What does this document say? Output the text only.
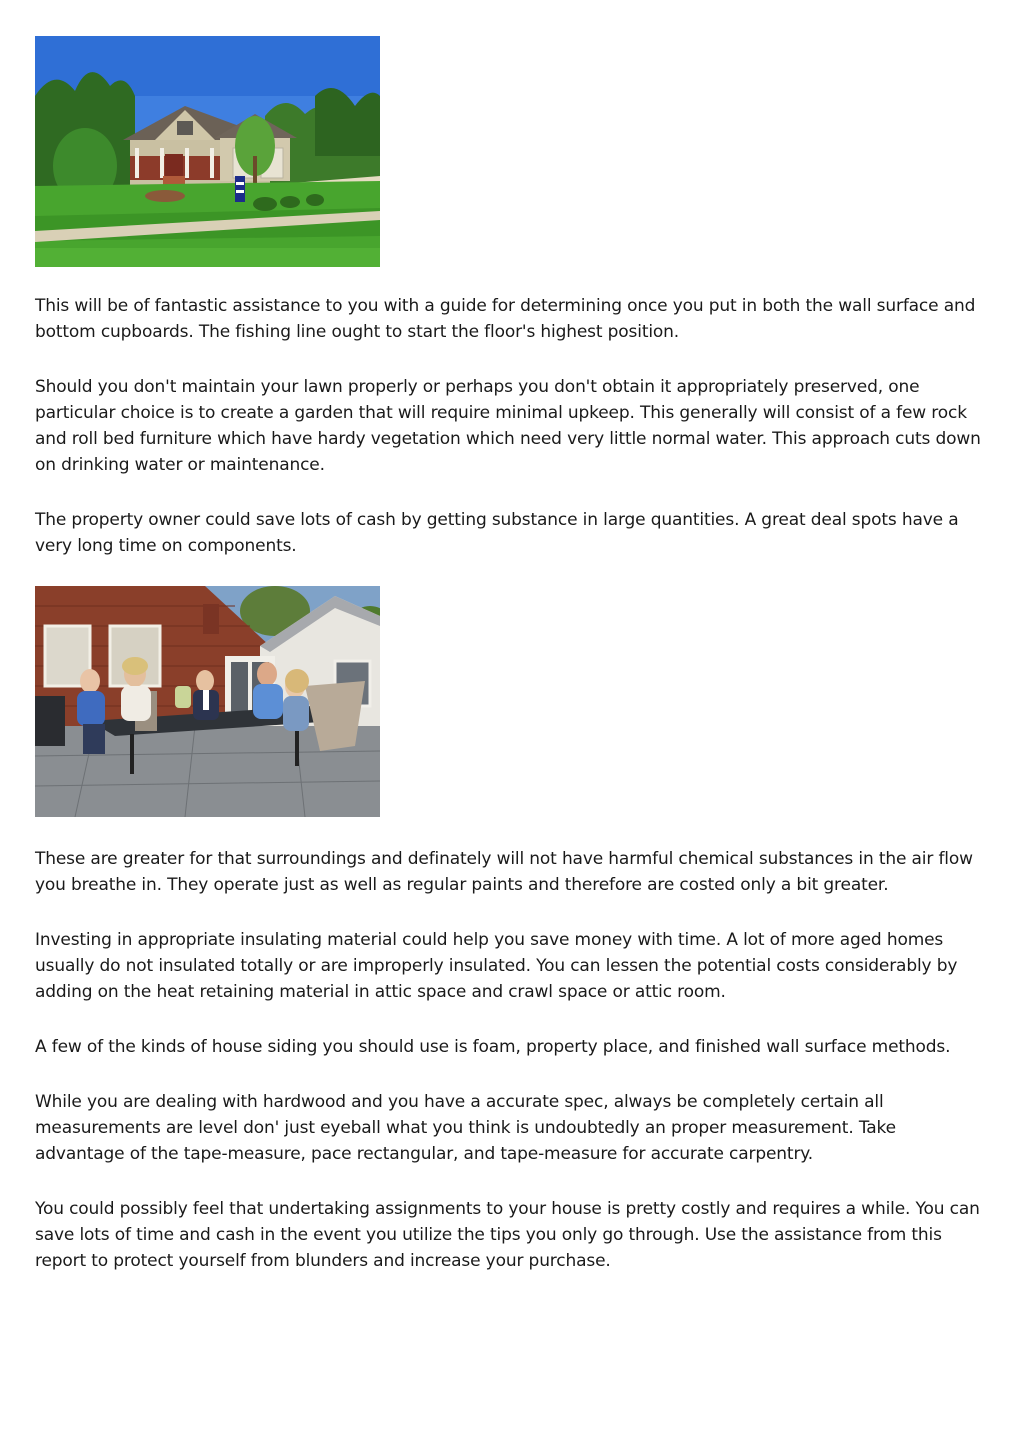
This will be of fantastic assistance to you with a guide for determining once you put in both the wall surface and bottom cupboards. The fishing line ought to start the floor's highest position.

Should you don't maintain your lawn properly or perhaps you don't obtain it appropriately preserved, one particular choice is to create a garden that will require minimal upkeep. This generally will consist of a few rock and roll bed furniture which have hardy vegetation which need very little normal water. This approach cuts down on drinking water or maintenance.

The property owner could save lots of cash by getting substance in large quantities. A great deal spots have a very long time on components.

These are greater for that surroundings and definately will not have harmful chemical substances in the air flow you breathe in. They operate just as well as regular paints and therefore are costed only a bit greater.

Investing in appropriate insulating material could help you save money with time. A lot of more aged homes usually do not insulated totally or are improperly insulated. You can lessen the potential costs considerably by adding on the heat retaining material in attic space and crawl space or attic room.

A few of the kinds of house siding you should use is foam, property place, and finished wall surface methods.

While you are dealing with hardwood and you have a accurate spec, always be completely certain all measurements are level don' just eyeball what you think is undoubtedly an proper measurement. Take advantage of the tape-measure, pace rectangular, and tape-measure for accurate carpentry.

You could possibly feel that undertaking assignments to your house is pretty costly and requires a while. You can save lots of time and cash in the event you utilize the tips you only go through. Use the assistance from this report to protect yourself from blunders and increase your purchase.
